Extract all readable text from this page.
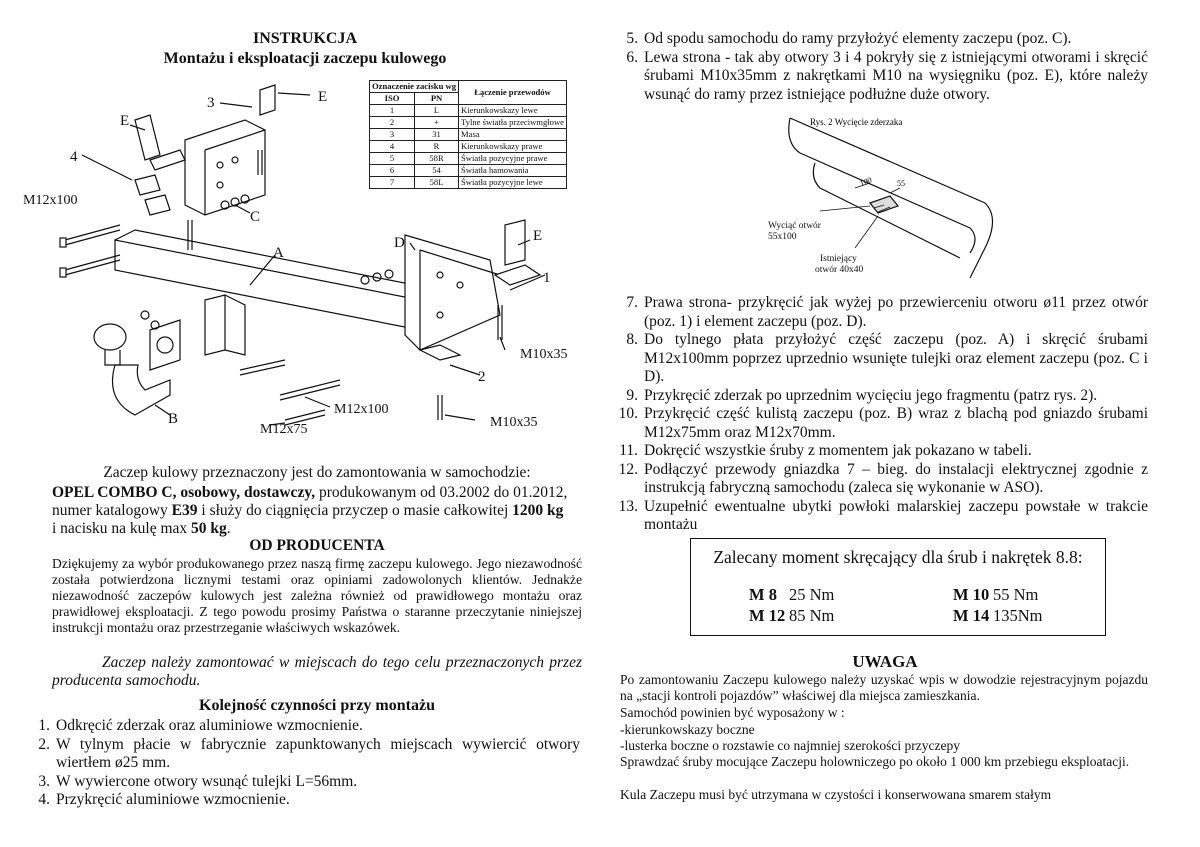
INSTRUKCJA
Montażu i eksploatacji zaczepu kulowego
3	E
E
4
M12x100
C
A
D	E
1
M10x35
2
M12x100
M10x35
B
M12x75
Oznaczenie zacisku wg		Łączenie przewodów
ISO	PN	
1	L	Kierunkowskazy lewe
2	+	Tylne światła przeciwmgłowe
3	31	Masa
4	R	Kierunkowskazy prawe
5	58R	Światła pozycyjne prawe
6	54	Światła hamowania
7	58L	Światła pozycyjne lewe
Zaczep kulowy przeznaczony jest do zamontowania w samochodzie:
OPEL COMBO C, osobowy, dostawczy, produkowanym od 03.2002 do 01.2012,
numer katalogowy E39 i służy do ciągnięcia przyczep o masie całkowitej 1200 kg
i nacisku na kulę max 50 kg.
OD PRODUCENTA
Dziękujemy za wybór produkowanego przez naszą firmę zaczepu kulowego. Jego niezawodność została potwierdzona licznymi testami oraz opiniami zadowolonych klientów. Jednakże niezawodność zaczepów kulowych jest zależna również od prawidłowego montażu oraz prawidłowej eksploatacji. Z tego powodu prosimy Państwa o staranne przeczytanie niniejszej instrukcji montażu oraz przestrzeganie właściwych wskazówek.
Zaczep należy zamontować w miejscach do tego celu przeznaczonych przez producenta samochodu.
Kolejność czynności przy montażu
1. Odkręcić zderzak oraz aluminiowe wzmocnienie.
2. W tylnym płacie w fabrycznie zapunktowanych miejscach wywiercić otwory wiertłem ø25 mm.
3. W wywiercone otwory wsunąć tulejki L=56mm.
4. Przykręcić aluminiowe wzmocnienie.
5. Od spodu samochodu do ramy przyłożyć elementy zaczepu (poz. C).
6. Lewa strona - tak aby otwory 3 i 4 pokryły się z istniejącymi otworami i skręcić śrubami M10x35mm z nakrętkami M10 na wysięgniku (poz. E), które należy wsunąć do ramy przez istniejące podłużne duże otwory.
Rys. 2 Wycięcie zderzaka
100	55
Wyciąć otwór
55x100
Istniejący
otwór 40x40
7. Prawa strona- przykręcić jak wyżej po przewierceniu otworu ø11 przez otwór (poz. 1) i element zaczepu (poz. D).
8. Do tylnego płata przyłożyć część zaczepu (poz. A) i skręcić śrubami M12x100mm poprzez uprzednio wsunięte tulejki oraz element zaczepu (poz. C i D).
9. Przykręcić zderzak po uprzednim wycięciu jego fragmentu (patrz rys. 2).
10. Przykręcić część kulistą zaczepu (poz. B) wraz z blachą pod gniazdo śrubami M12x75mm oraz M12x70mm.
11. Dokręcić wszystkie śruby z momentem jak pokazano w tabeli.
12. Podłączyć przewody gniazdka 7 – bieg. do instalacji elektrycznej zgodnie z instrukcją fabryczną samochodu (zaleca się wykonanie w ASO).
13. Uzupełnić ewentualne ubytki powłoki malarskiej zaczepu powstałe w trakcie montażu
Zalecany moment skręcający dla śrub i nakrętek 8.8:
M 8 25 Nm	M 10 55 Nm
M 12 85 Nm	M 14 135Nm
UWAGA
Po zamontowaniu Zaczepu kulowego należy uzyskać wpis w dowodzie rejestracyjnym pojazdu na „stacji kontroli pojazdów” właściwej dla miejsca zamieszkania.
Samochód powinien być wyposażony w :
-kierunkowskazy boczne
-lusterka boczne o rozstawie co najmniej szerokości przyczepy
Sprawdzać śruby mocujące Zaczepu holowniczego po około 1 000 km przebiegu eksploatacji.
Kula Zaczepu musi być utrzymana w czystości i konserwowana smarem stałym
